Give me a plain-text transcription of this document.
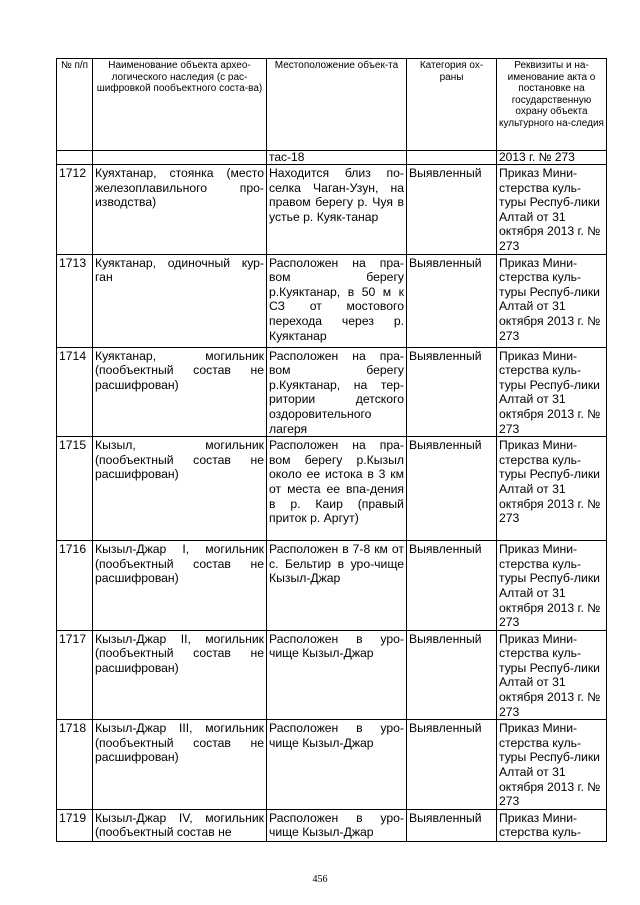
№ п/п	Наименование объекта архео-логического наследия (с рас-шифровкой пообъектного соста-ва)	Местоположение объек-та	Категория ох-раны	Реквизиты и на-именование акта о постановке на государственную охрану объекта культурного на-следия
		тас-18		2013 г. № 273
1712	Куяхтанар, стоянка (место железоплавильного про-изводства)	Находится близ по-селка Чаган-Узун, на правом берегу р. Чуя в устье р. Куяк-танар	Выявленный	Приказ Мини-стерства куль-туры Респуб-лики Алтай от 31 октября 2013 г. № 273
1713	Куяктанар, одиночный кур-ган	Расположен на пра-вом берегу р.Куяктанар, в 50 м к СЗ от мостового перехода через р. Куяктанар	Выявленный	Приказ Мини-стерства куль-туры Респуб-лики Алтай от 31 октября 2013 г. № 273
1714	Куяктанар, могильник (пообъектный состав не расшифрован)	Расположен на пра-вом берегу р.Куяктанар, на тер-ритории детского оздоровительного лагеря	Выявленный	Приказ Мини-стерства куль-туры Респуб-лики Алтай от 31 октября 2013 г. № 273
1715	Кызыл, могильник (пообъектный состав не расшифрован)	Расположен на пра-вом берегу р.Кызыл около ее истока в 3 км от места ее впа-дения в р. Каир (правый приток р. Аргут)	Выявленный	Приказ Мини-стерства куль-туры Респуб-лики Алтай от 31 октября 2013 г. № 273
1716	Кызыл-Джар I, могильник (пообъектный состав не расшифрован)	Расположен в 7-8 км от с. Бельтир в уро-чище Кызыл-Джар	Выявленный	Приказ Мини-стерства куль-туры Респуб-лики Алтай от 31 октября 2013 г. № 273
1717	Кызыл-Джар II, могильник (пообъектный состав не расшифрован)	Расположен в уро-чище Кызыл-Джар	Выявленный	Приказ Мини-стерства куль-туры Респуб-лики Алтай от 31 октября 2013 г. № 273
1718	Кызыл-Джар III, могильник (пообъектный состав не расшифрован)	Расположен в уро-чище Кызыл-Джар	Выявленный	Приказ Мини-стерства куль-туры Респуб-лики Алтай от 31 октября 2013 г. № 273
1719	Кызыл-Джар IV, могильник (пообъектный состав не	Расположен в уро-чище Кызыл-Джар	Выявленный	Приказ Мини-стерства куль-
456
